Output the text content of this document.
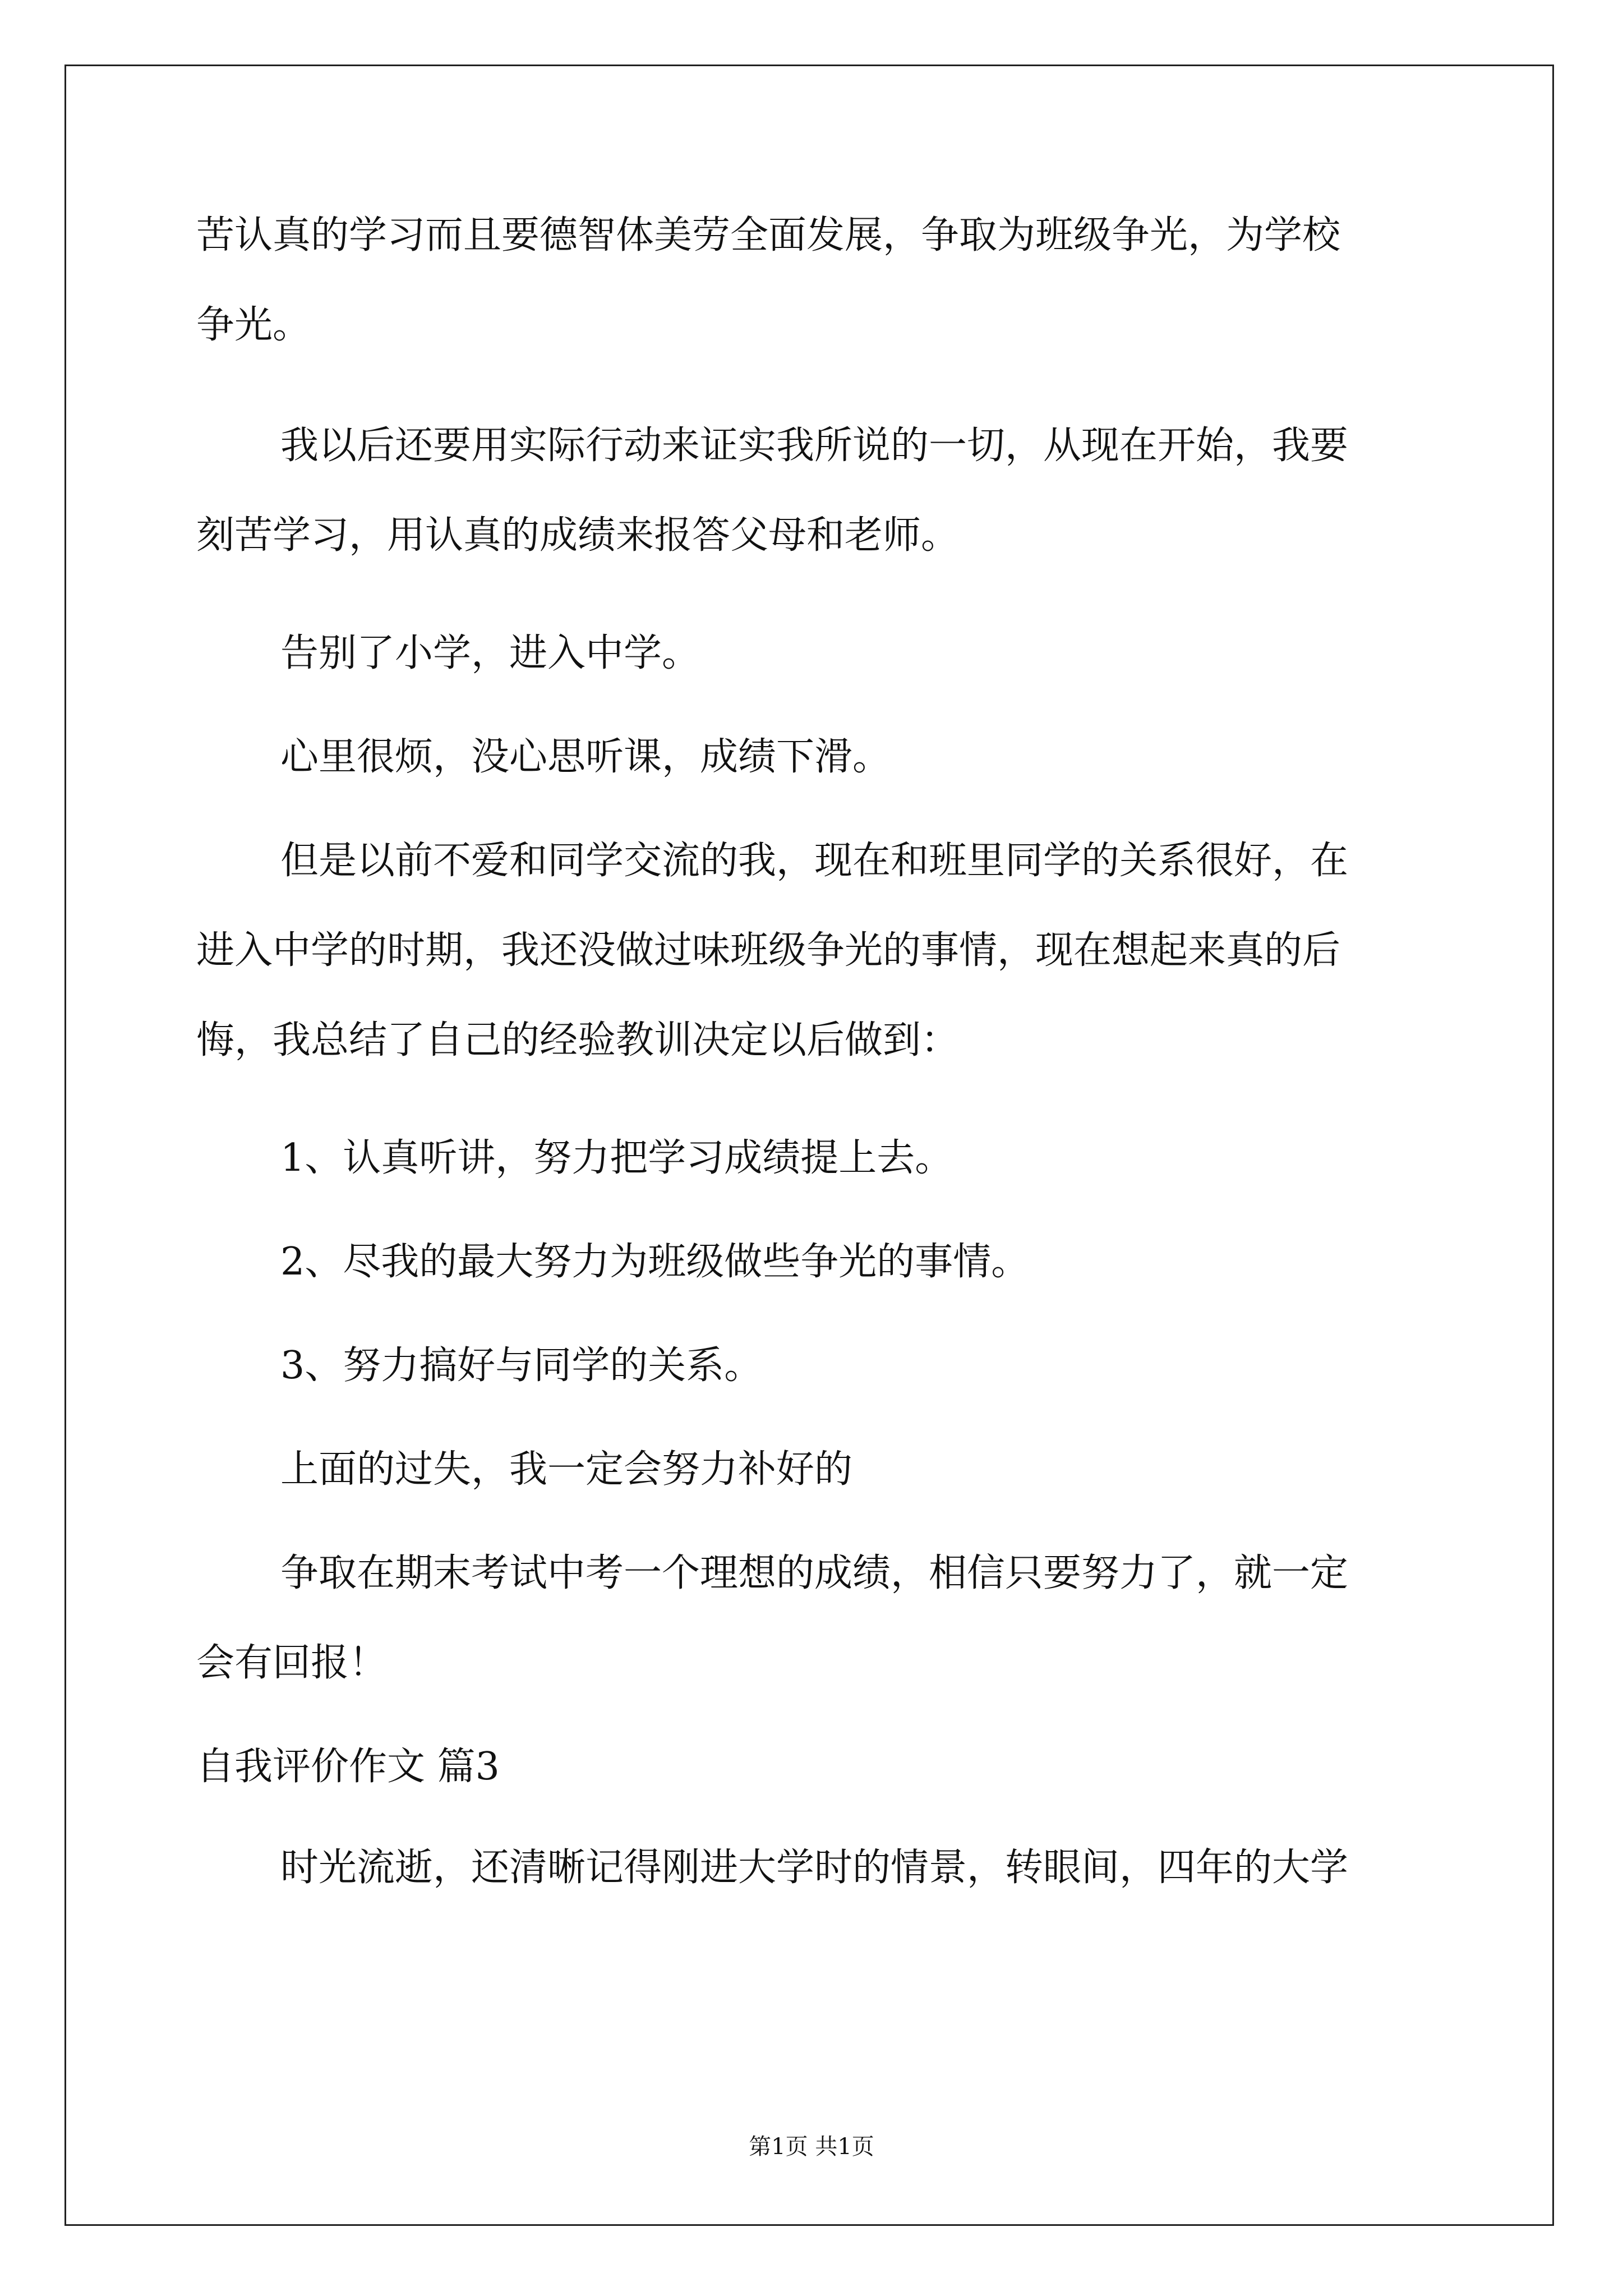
苦认真的学习而且要德智体美劳全面发展，争取为班级争光，为学校
争光。
我以后还要用实际行动来证实我所说的一切，从现在开始，我要
刻苦学习，用认真的成绩来报答父母和老师。
告别了小学，进入中学。
心里很烦，没心思听课，成绩下滑。
但是以前不爱和同学交流的我，现在和班里同学的关系很好，在
进入中学的时期，我还没做过味班级争光的事情，现在想起来真的后
悔，我总结了自己的经验教训决定以后做到：
1、认真听讲，努力把学习成绩提上去。
2、尽我的最大努力为班级做些争光的事情。
3、努力搞好与同学的关系。
上面的过失，我一定会努力补好的
争取在期末考试中考一个理想的成绩，相信只要努力了，就一定
会有回报！
自我评价作文 篇3
时光流逝，还清晰记得刚进大学时的情景，转眼间，四年的大学
第1页 共1页
